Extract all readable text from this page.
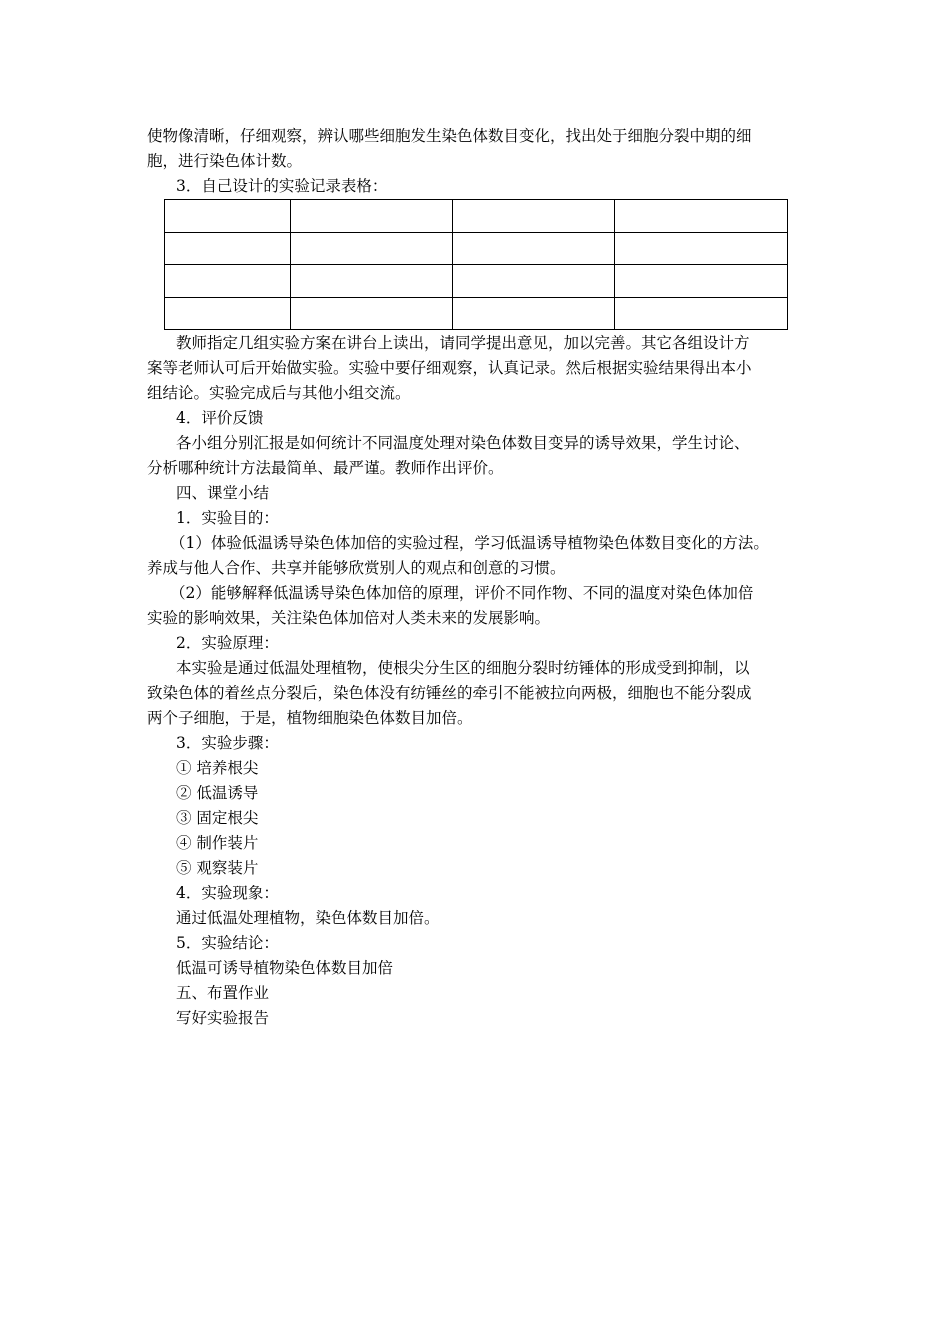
使物像清晰，仔细观察，辨认哪些细胞发生染色体数目变化，找出处于细胞分裂中期的细
胞，进行染色体计数。
3．自己设计的实验记录表格：

教师指定几组实验方案在讲台上读出，请同学提出意见，加以完善。其它各组设计方
案等老师认可后开始做实验。实验中要仔细观察，认真记录。然后根据实验结果得出本小
组结论。实验完成后与其他小组交流。
4．评价反馈
各小组分别汇报是如何统计不同温度处理对染色体数目变异的诱导效果，学生讨论、
分析哪种统计方法最简单、最严谨。教师作出评价。
四、课堂小结
1．实验目的：
（1）体验低温诱导染色体加倍的实验过程，学习低温诱导植物染色体数目变化的方法。
养成与他人合作、共享并能够欣赏别人的观点和创意的习惯。
（2）能够解释低温诱导染色体加倍的原理，评价不同作物、不同的温度对染色体加倍
实验的影响效果，关注染色体加倍对人类未来的发展影响。
2．实验原理：
本实验是通过低温处理植物，使根尖分生区的细胞分裂时纺锤体的形成受到抑制，以
致染色体的着丝点分裂后，染色体没有纺锤丝的牵引不能被拉向两极，细胞也不能分裂成
两个子细胞，于是，植物细胞染色体数目加倍。
3．实验步骤：
① 培养根尖
② 低温诱导
③ 固定根尖
④ 制作装片
⑤ 观察装片
4．实验现象：
通过低温处理植物，染色体数目加倍。
5．实验结论：
低温可诱导植物染色体数目加倍
五、布置作业
写好实验报告
